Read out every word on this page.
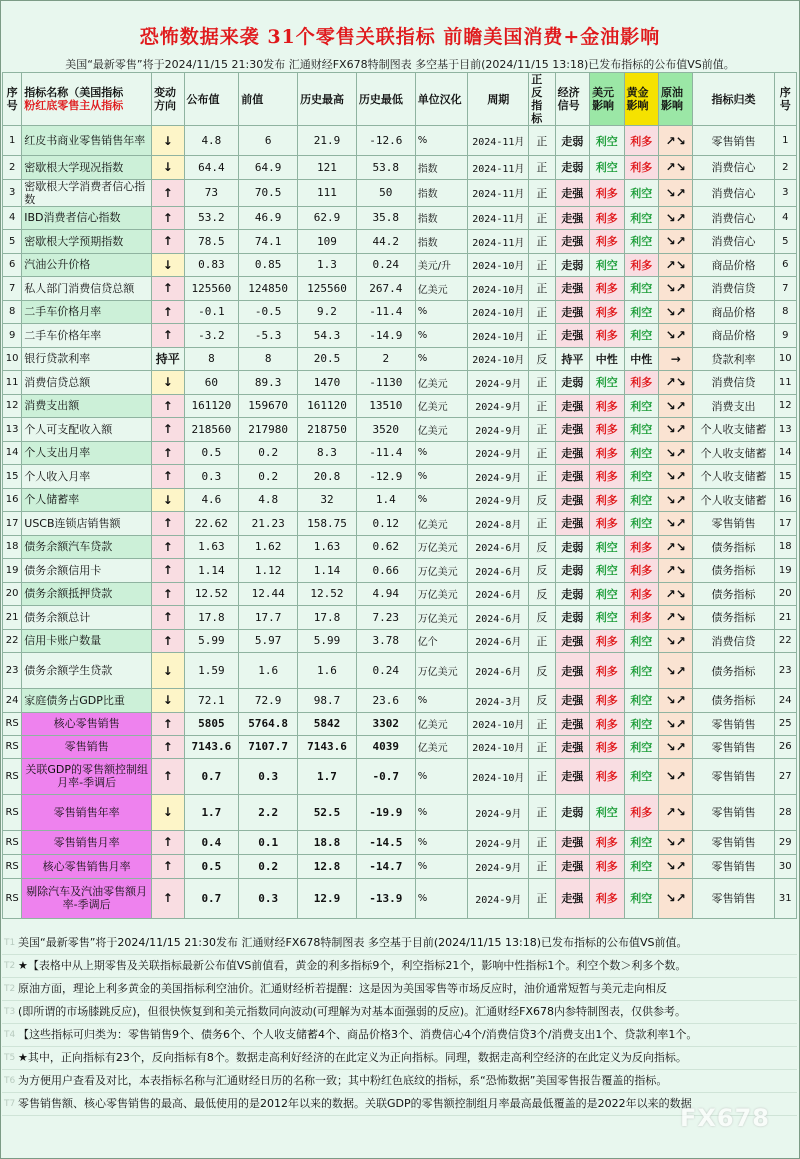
恐怖数据来袭 31个零售关联指标 前瞻美国消费+金油影响
美国“最新零售”将于2024/11/15 21:30发布 汇通财经FX678特制图表 多空基于目前(2024/11/15 13:18)已发布指标的公布值VS前值。
序号	指标名称（美国指标
粉红底零售主从指标	变动方向	公布值	前值	历史最高	历史最低	单位汉化	周期	正反指标	经济信号	美元影响	黄金影响	原油影响	指标归类	序号
1	红皮书商业零售销售年率	↓	4.8	6	21.9	-12.6	%	2024-11月	正	走弱	利空	利多	↗↘	零售销售	1
2	密歇根大学现况指数	↓	64.4	64.9	121	53.8	指数	2024-11月	正	走弱	利空	利多	↗↘	消费信心	2
3	密歇根大学消费者信心指数	↑	73	70.5	111	50	指数	2024-11月	正	走强	利多	利空	↘↗	消费信心	3
4	IBD消费者信心指数	↑	53.2	46.9	62.9	35.8	指数	2024-11月	正	走强	利多	利空	↘↗	消费信心	4
5	密歇根大学预期指数	↑	78.5	74.1	109	44.2	指数	2024-11月	正	走强	利多	利空	↘↗	消费信心	5
6	汽油公升价格	↓	0.83	0.85	1.3	0.24	美元/升	2024-10月	正	走弱	利空	利多	↗↘	商品价格	6
7	私人部门消费信贷总额	↑	125560	124850	125560	267.4	亿美元	2024-10月	正	走强	利多	利空	↘↗	消费信贷	7
8	二手车价格月率	↑	-0.1	-0.5	9.2	-11.4	%	2024-10月	正	走强	利多	利空	↘↗	商品价格	8
9	二手车价格年率	↑	-3.2	-5.3	54.3	-14.9	%	2024-10月	正	走强	利多	利空	↘↗	商品价格	9
10	银行贷款利率	持平	8	8	20.5	2	%	2024-10月	反	持平	中性	中性	→	贷款利率	10
11	消费信贷总额	↓	60	89.3	1470	-1130	亿美元	2024-9月	正	走弱	利空	利多	↗↘	消费信贷	11
12	消费支出额	↑	161120	159670	161120	13510	亿美元	2024-9月	正	走强	利多	利空	↘↗	消费支出	12
13	个人可支配收入额	↑	218560	217980	218750	3520	亿美元	2024-9月	正	走强	利多	利空	↘↗	个人收支储蓄	13
14	个人支出月率	↑	0.5	0.2	8.3	-11.4	%	2024-9月	正	走强	利多	利空	↘↗	个人收支储蓄	14
15	个人收入月率	↑	0.3	0.2	20.8	-12.9	%	2024-9月	正	走强	利多	利空	↘↗	个人收支储蓄	15
16	个人储蓄率	↓	4.6	4.8	32	1.4	%	2024-9月	反	走强	利多	利空	↘↗	个人收支储蓄	16
17	USCB连锁店销售额	↑	22.62	21.23	158.75	0.12	亿美元	2024-8月	正	走强	利多	利空	↘↗	零售销售	17
18	债务余额汽车贷款	↑	1.63	1.62	1.63	0.62	万亿美元	2024-6月	反	走弱	利空	利多	↗↘	债务指标	18
19	债务余额信用卡	↑	1.14	1.12	1.14	0.66	万亿美元	2024-6月	反	走弱	利空	利多	↗↘	债务指标	19
20	债务余额抵押贷款	↑	12.52	12.44	12.52	4.94	万亿美元	2024-6月	反	走弱	利空	利多	↗↘	债务指标	20
21	债务余额总计	↑	17.8	17.7	17.8	7.23	万亿美元	2024-6月	反	走弱	利空	利多	↗↘	债务指标	21
22	信用卡账户数量	↑	5.99	5.97	5.99	3.78	亿个	2024-6月	正	走强	利多	利空	↘↗	消费信贷	22
23	债务余额学生贷款	↓	1.59	1.6	1.6	0.24	万亿美元	2024-6月	反	走强	利多	利空	↘↗	债务指标	23
24	家庭债务占GDP比重	↓	72.1	72.9	98.7	23.6	%	2024-3月	反	走强	利多	利空	↘↗	债务指标	24
RS	核心零售销售	↑	5805	5764.8	5842	3302	亿美元	2024-10月	正	走强	利多	利空	↘↗	零售销售	25
RS	零售销售	↑	7143.6	7107.7	7143.6	4039	亿美元	2024-10月	正	走强	利多	利空	↘↗	零售销售	26
RS	关联GDP的零售额控制组月率-季调后	↑	0.7	0.3	1.7	-0.7	%	2024-10月	正	走强	利多	利空	↘↗	零售销售	27
RS	零售销售年率	↓	1.7	2.2	52.5	-19.9	%	2024-9月	正	走弱	利空	利多	↗↘	零售销售	28
RS	零售销售月率	↑	0.4	0.1	18.8	-14.5	%	2024-9月	正	走强	利多	利空	↘↗	零售销售	29
RS	核心零售销售月率	↑	0.5	0.2	12.8	-14.7	%	2024-9月	正	走强	利多	利空	↘↗	零售销售	30
RS	剔除汽车及汽油零售额月率-季调后	↑	0.7	0.3	12.9	-13.9	%	2024-9月	正	走强	利多	利空	↘↗	零售销售	31
T1 美国“最新零售”将于2024/11/15 21:30发布 汇通财经FX678特制图表 多空基于目前(2024/11/15 13:18)已发布指标的公布值VS前值。
T2 ★【表格中从上期零售及关联指标最新公布值VS前值看，黄金的利多指标9个，利空指标21个，影响中性指标1个。利空个数＞利多个数。
T2 原油方面，理论上利多黄金的美国指标利空油价。汇通财经析若提醒：这是因为美国零售等市场反应时，油价通常短暂与美元走向相反
T3 (即所谓的市场膝跳反应)，但很快恢复到和美元指数同向波动(可理解为对基本面强弱的反应)。汇通财经FX678内参特制图表，仅供参考。
T4 【这些指标可归类为：零售销售9个、债务6个、个人收支储蓄4个、商品价格3个、消费信心4个/消费信贷3个/消费支出1个、贷款利率1个。
T5 ★其中，正向指标有23个，反向指标有8个。数据走高利好经济的在此定义为正向指标。同理，数据走高利空经济的在此定义为反向指标。
T6 为方便用户查看及对比，本表指标名称与汇通财经日历的名称一致；其中粉红色底纹的指标，系“恐怖数据”美国零售报告覆盖的指标。
T7 零售销售额、核心零售销售的最高、最低使用的是2012年以来的数据。关联GDP的零售额控制组月率最高最低覆盖的是2022年以来的数据
FX678
